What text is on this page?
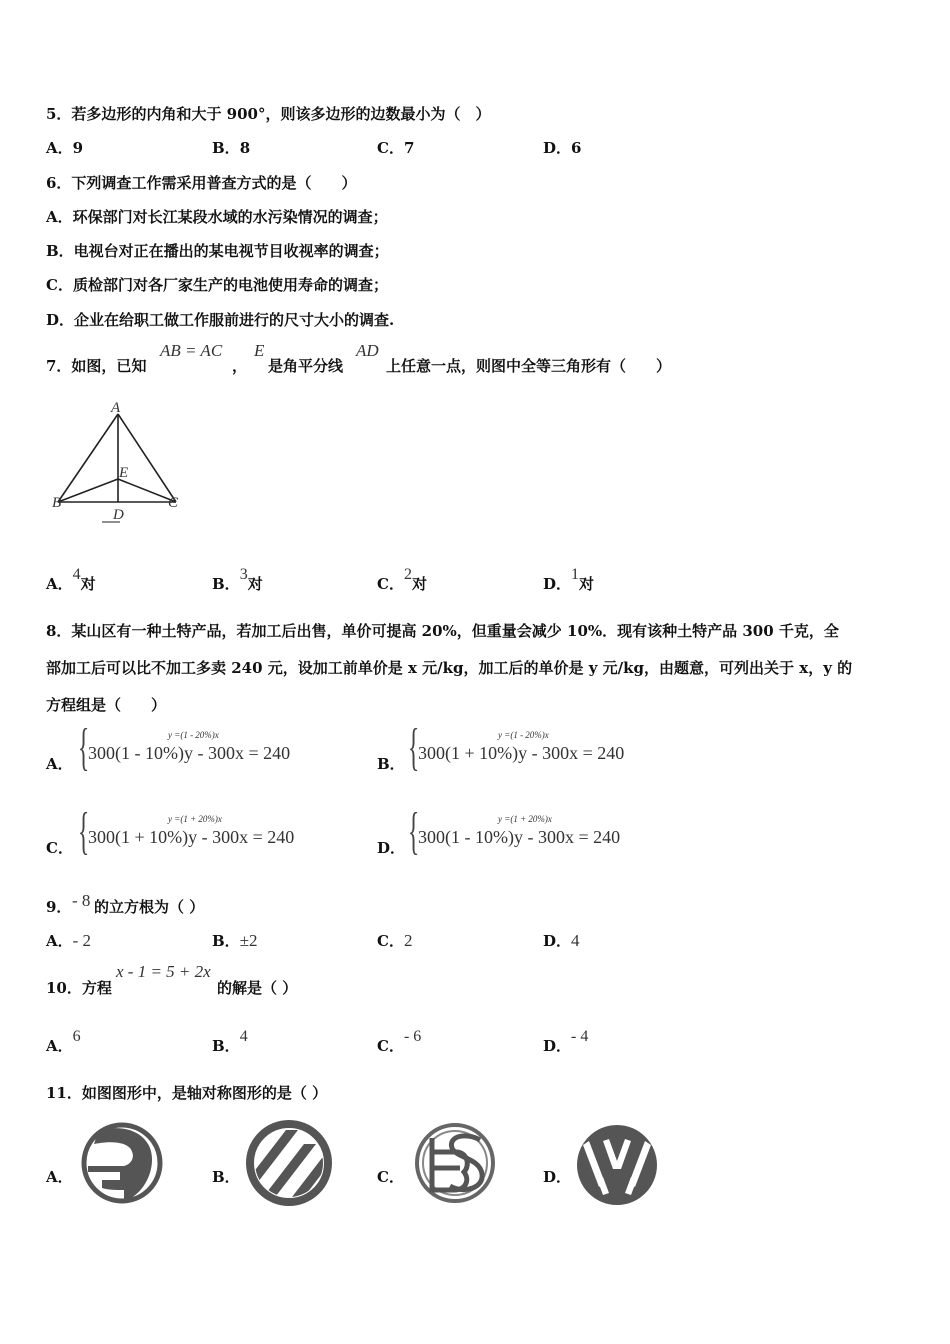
5．若多边形的内角和大于 900°，则该多边形的边数最小为（　）
A．9	B．8	C．7	D．6
6．下列调查工作需采用普查方式的是（　　）
A．环保部门对长江某段水域的水污染情况的调查；
B．电视台对正在播出的某电视节目收视率的调查；
C．质检部门对各厂家生产的电池使用寿命的调查；
D．企业在给职工做工作服前进行的尺寸大小的调查.
7．如图，已知
AB = AC
，
E
是角平分线
AD
上任意一点，则图中全等三角形有（　　）
A
B	C
D
E
A．4对	B．3对	C．2对	D．1对
8．某山区有一种土特产品，若加工后出售，单价可提高 20%，但重量会减少 10%．现有该种土特产品 300 千克，全
部加工后可以比不加工多卖 240 元，设加工前单价是 x 元/kg，加工后的单价是 y 元/kg，由题意，可列出关于 x，y 的
方程组是（　　）
A． {	y =(1 - 20%)x
300(1 - 10%)y - 300x = 240
B． {	y =(1 - 20%)x
300(1 + 10%)y - 300x = 240
C． {	y =(1 + 20%)x
300(1 + 10%)y - 300x = 240
D． {	y =(1 + 20%)x
300(1 - 10%)y - 300x = 240
9． - 8 的立方根为（ ）
A．- 2	B．±2	C．2	D．4
10．方程
x - 1 = 5 + 2x
的解是（ ）
A．6
B．4
C．- 6
D．- 4
11．如图图形中，是轴对称图形的是（ ）
A．	B．	C．	D．
